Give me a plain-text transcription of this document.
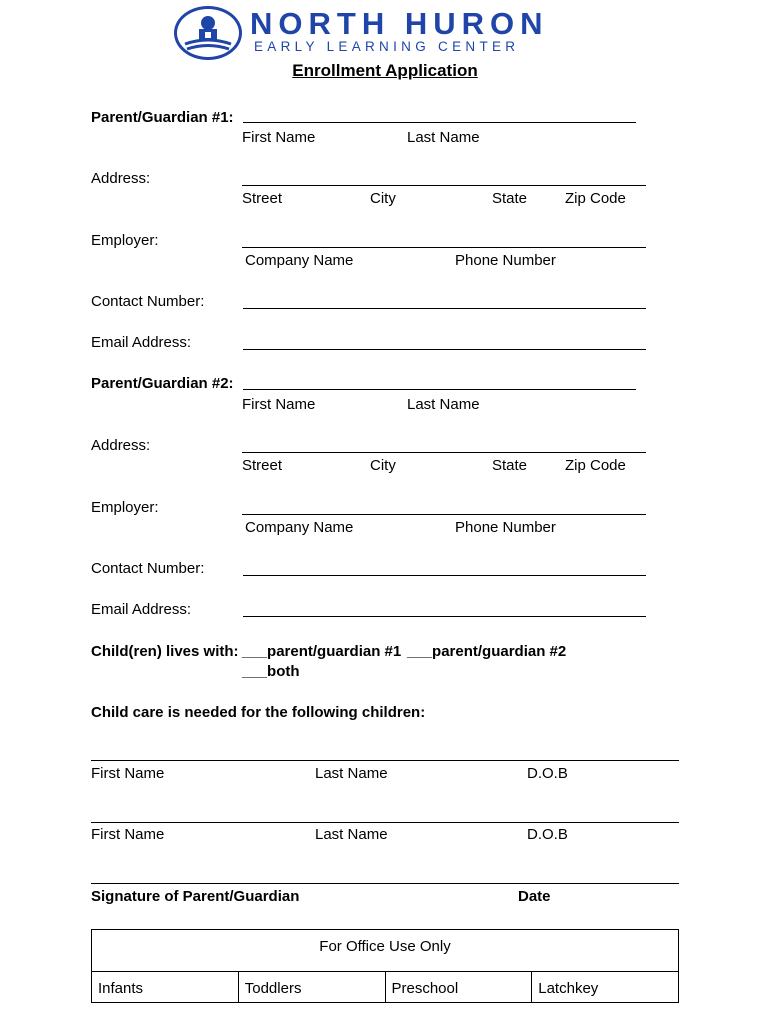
NORTH HURON
EARLY LEARNING CENTER
Enrollment Application
Parent/Guardian #1:
First Name	Last Name
Address:
Street	City	State	Zip Code
Employer:
Company Name	Phone Number
Contact Number:
Email Address:
Parent/Guardian #2:
First Name	Last Name
Address:
Street	City	State	Zip Code
Employer:
Company Name	Phone Number
Contact Number:
Email Address:
Child(ren) lives with: ___parent/guardian #1 ___parent/guardian #2
___both
Child care is needed for the following children:
First Name	Last Name	D.O.B
First Name	Last Name	D.O.B
Signature of Parent/Guardian	Date
For Office Use Only
Infants	Toddlers	Preschool	Latchkey
